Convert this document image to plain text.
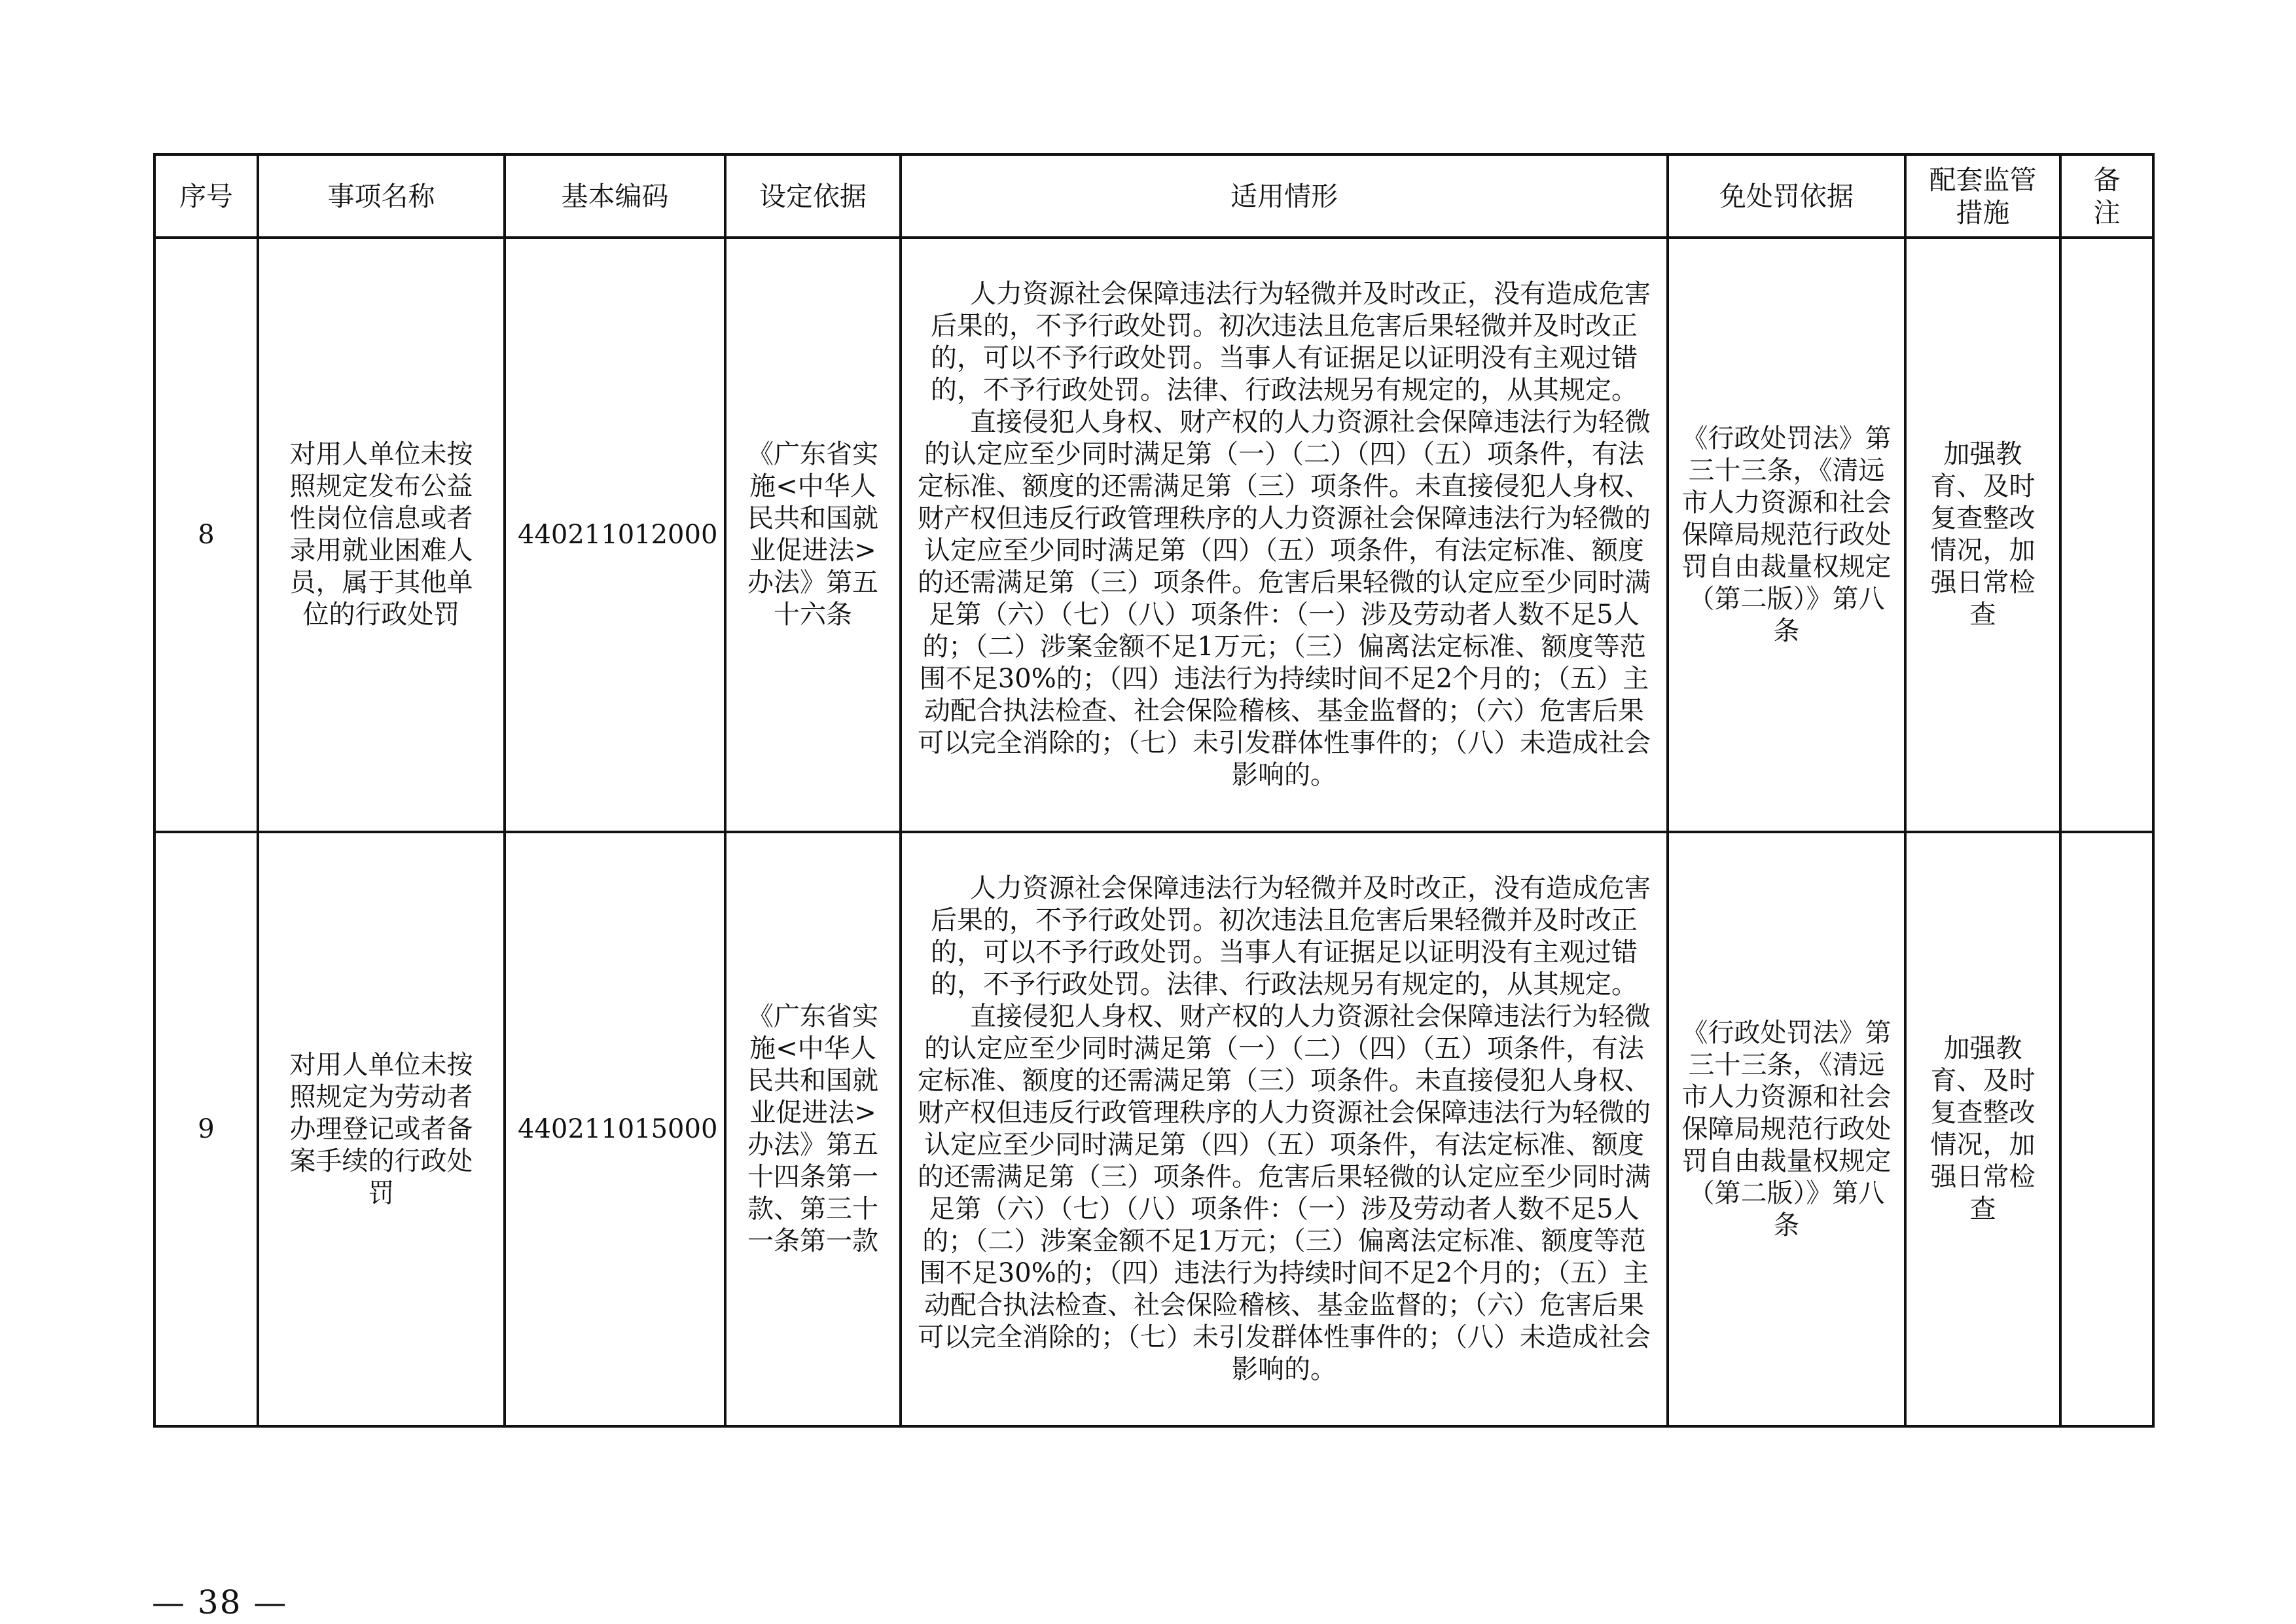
序号	事项名称	基本编码	设定依据	适用情形	免处罚依据	配套监管措施	备注
8	对用人单位未按照规定发布公益性岗位信息或者录用就业困难人员，属于其他单位的行政处罚	440211012000	《广东省实施<中华人民共和国就业促进法>办法》第五十六条	人力资源社会保障违法行为轻微并及时改正，没有造成危害后果的，不予行政处罚。初次违法且危害后果轻微并及时改正的，可以不予行政处罚。当事人有证据足以证明没有主观过错的，不予行政处罚。法律、行政法规另有规定的，从其规定。

直接侵犯人身权、财产权的人力资源社会保障违法行为轻微的认定应至少同时满足第（一）（二）（四）（五）项条件，有法定标准、额度的还需满足第（三）项条件。未直接侵犯人身权、财产权但违反行政管理秩序的人力资源社会保障违法行为轻微的认定应至少同时满足第（四）（五）项条件，有法定标准、额度的还需满足第（三）项条件。危害后果轻微的认定应至少同时满足第（六）（七）（八）项条件：（一）涉及劳动者人数不足5人的；（二）涉案金额不足1万元；（三）偏离法定标准、额度等范围不足30%的；（四）违法行为持续时间不足2个月的；（五）主动配合执法检查、社会保险稽核、基金监督的；（六）危害后果可以完全消除的；（七）未引发群体性事件的；（八）未造成社会影响的。	《行政处罚法》第三十三条，《清远市人力资源和社会保障局规范行政处罚自由裁量权规定（第二版）》第八条	加强教育、及时复查整改情况，加强日常检查	
9	对用人单位未按照规定为劳动者办理登记或者备案手续的行政处罚	440211015000	《广东省实施<中华人民共和国就业促进法>办法》第五十四条第一款、第三十一条第一款	人力资源社会保障违法行为轻微并及时改正，没有造成危害后果的，不予行政处罚。初次违法且危害后果轻微并及时改正的，可以不予行政处罚。当事人有证据足以证明没有主观过错的，不予行政处罚。法律、行政法规另有规定的，从其规定。

直接侵犯人身权、财产权的人力资源社会保障违法行为轻微的认定应至少同时满足第（一）（二）（四）（五）项条件，有法定标准、额度的还需满足第（三）项条件。未直接侵犯人身权、财产权但违反行政管理秩序的人力资源社会保障违法行为轻微的认定应至少同时满足第（四）（五）项条件，有法定标准、额度的还需满足第（三）项条件。危害后果轻微的认定应至少同时满足第（六）（七）（八）项条件：（一）涉及劳动者人数不足5人的；（二）涉案金额不足1万元；（三）偏离法定标准、额度等范围不足30%的；（四）违法行为持续时间不足2个月的；（五）主动配合执法检查、社会保险稽核、基金监督的；（六）危害后果可以完全消除的；（七）未引发群体性事件的；（八）未造成社会影响的。	《行政处罚法》第三十三条，《清远市人力资源和社会保障局规范行政处罚自由裁量权规定（第二版）》第八条	加强教育、及时复查整改情况，加强日常检查	
— 38 —
